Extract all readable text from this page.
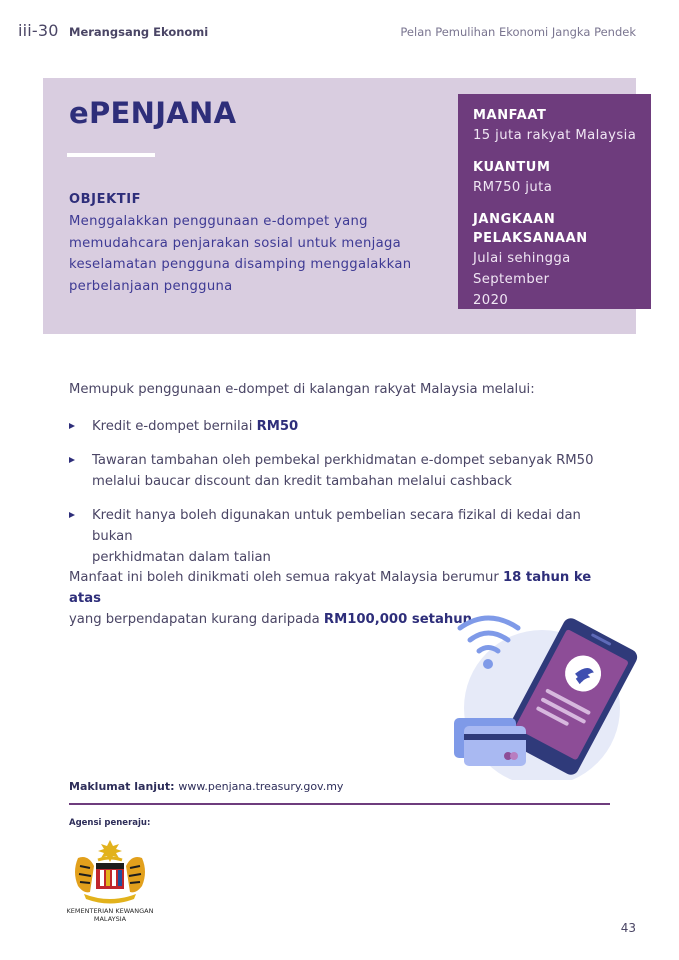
iii-30 Merangsang Ekonomi	Pelan Pemulihan Ekonomi Jangka Pendek
ePENJANA
OBJEKTIF
Menggalakkan penggunaan e-dompet yang
memudahcara penjarakan sosial untuk menjaga
keselamatan pengguna disamping menggalakkan
perbelanjaan pengguna
MANFAAT
15 juta rakyat Malaysia
KUANTUM
RM750 juta
JANGKAAN PELAKSANAAN
Julai sehingga September
2020
Memupuk penggunaan e-dompet di kalangan rakyat Malaysia melalui:
Kredit e-dompet bernilai RM50
Tawaran tambahan oleh pembekal perkhidmatan e-dompet sebanyak RM50
melalui baucar discount dan kredit tambahan melalui cashback
Kredit hanya boleh digunakan untuk pembelian secara fizikal di kedai dan bukan
perkhidmatan dalam talian
Manfaat ini boleh dinikmati oleh semua rakyat Malaysia berumur 18 tahun ke atas
yang berpendapatan kurang daripada RM100,000 setahun
Maklumat lanjut: www.penjana.treasury.gov.my
Agensi peneraju:
KEMENTERIAN KEWANGAN
MALAYSIA
43
